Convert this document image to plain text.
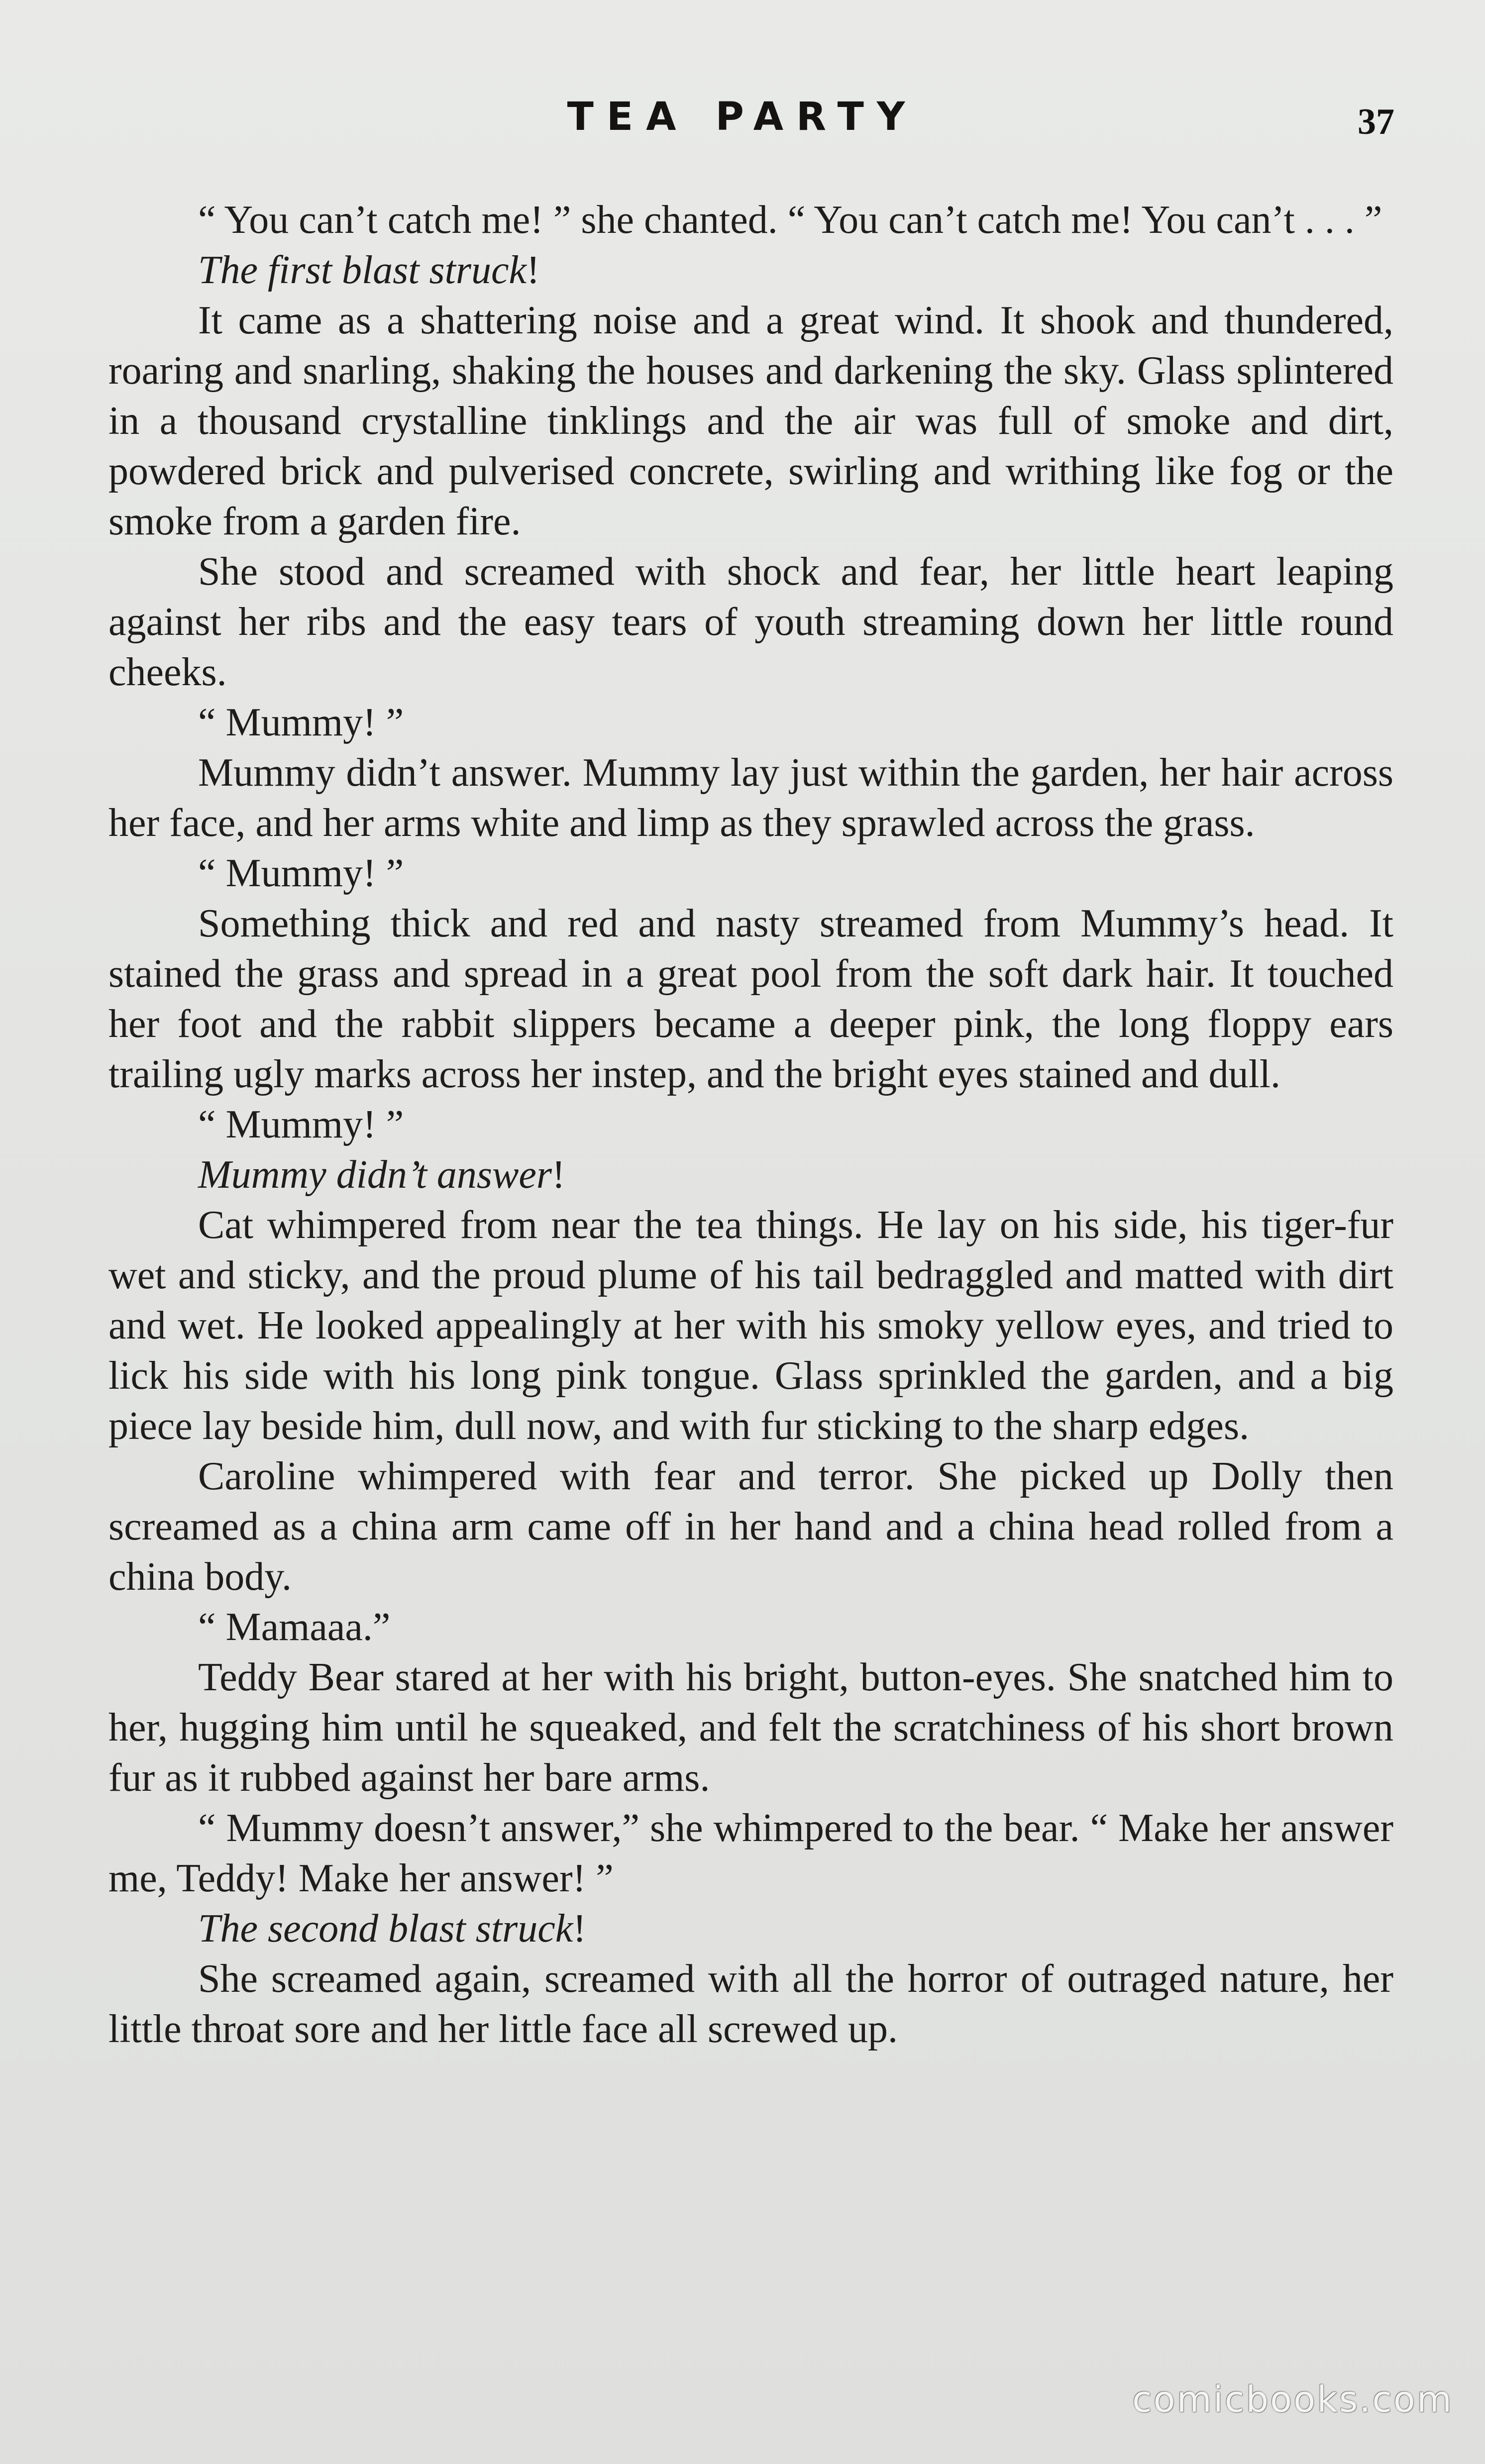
TEA PARTY	37

“ You can’t catch me! ” she chanted. “ You can’t catch me! You can’t . . . ”

The first blast struck!

It came as a shattering noise and a great wind. It shook and thundered, roaring and snarling, shaking the houses and darkening the sky. Glass splintered in a thousand crystalline tinklings and the air was full of smoke and dirt, powdered brick and pulverised concrete, swirling and writhing like fog or the smoke from a garden fire.

She stood and screamed with shock and fear, her little heart leaping against her ribs and the easy tears of youth streaming down her little round cheeks.

“ Mummy! ”

Mummy didn’t answer. Mummy lay just within the garden, her hair across her face, and her arms white and limp as they sprawled across the grass.

“ Mummy! ”

Something thick and red and nasty streamed from Mummy’s head. It stained the grass and spread in a great pool from the soft dark hair. It touched her foot and the rabbit slippers became a deeper pink, the long floppy ears trailing ugly marks across her instep, and the bright eyes stained and dull.

“ Mummy! ”

Mummy didn’t answer!

Cat whimpered from near the tea things. He lay on his side, his tiger-fur wet and sticky, and the proud plume of his tail bedraggled and matted with dirt and wet. He looked appealingly at her with his smoky yellow eyes, and tried to lick his side with his long pink tongue. Glass sprinkled the garden, and a big piece lay beside him, dull now, and with fur sticking to the sharp edges.

Caroline whimpered with fear and terror. She picked up Dolly then screamed as a china arm came off in her hand and a china head rolled from a china body.

“ Mamaaa.”

Teddy Bear stared at her with his bright, button-eyes. She snatched him to her, hugging him until he squeaked, and felt the scratchiness of his short brown fur as it rubbed against her bare arms.

“ Mummy doesn’t answer,” she whimpered to the bear. “ Make her answer me, Teddy! Make her answer! ”

The second blast struck!

She screamed again, screamed with all the horror of outraged nature, her little throat sore and her little face all screwed up.

comicbooks.com
